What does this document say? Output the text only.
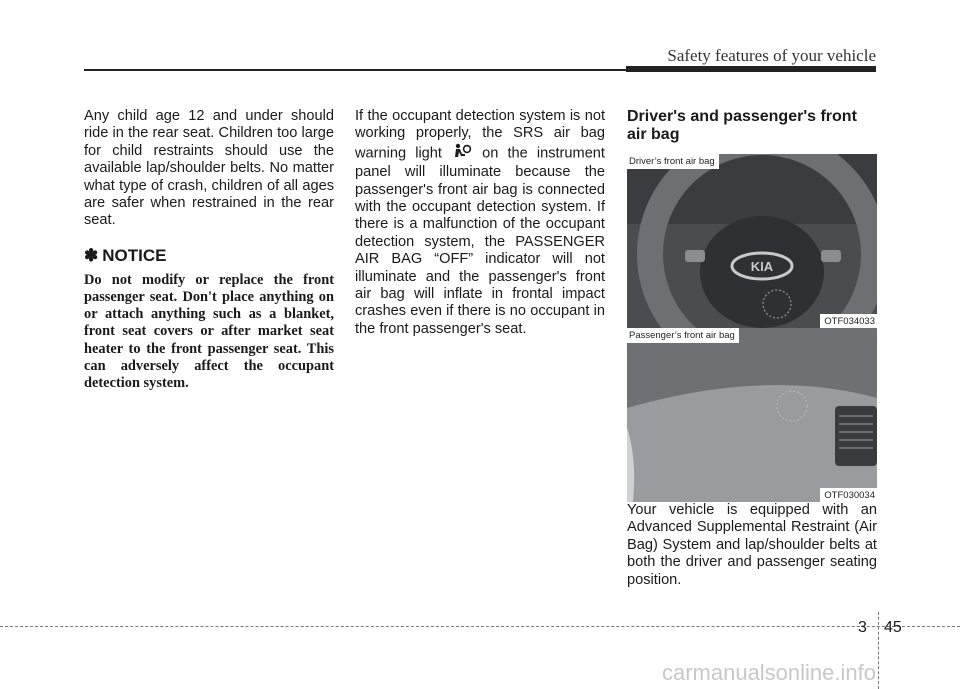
Safety features of your vehicle

Any child age 12 and under should ride in the rear seat. Children too large for child restraints should use the available lap/shoulder belts. No matter what type of crash, children of all ages are safer when restrained in the rear seat.

✽ NOTICE

Do not modify or replace the front passenger seat. Don't place anything on or attach anything such as a blanket, front seat covers or after market seat heater to the front passenger seat. This can adversely affect the occupant detection system.

If the occupant detection system is not working properly, the SRS air bag warning light  on the instrument panel will illuminate because the passenger's front air bag is connected with the occupant detection system. If there is a malfunction of the occupant detection system, the PASSENGER AIR BAG “OFF” indicator will not illuminate and the passenger's front air bag will inflate in frontal impact crashes even if there is no occupant in the front passenger's seat.

Driver's and passenger's front air bag
KIA
Driver’s front air bag
OTF034033
Passenger’s front air bag
OTF030034

Your vehicle is equipped with an Advanced Supplemental Restraint (Air Bag) System and lap/shoulder belts at both the driver and passenger seating position.

3 45
carmanualsonline.info
